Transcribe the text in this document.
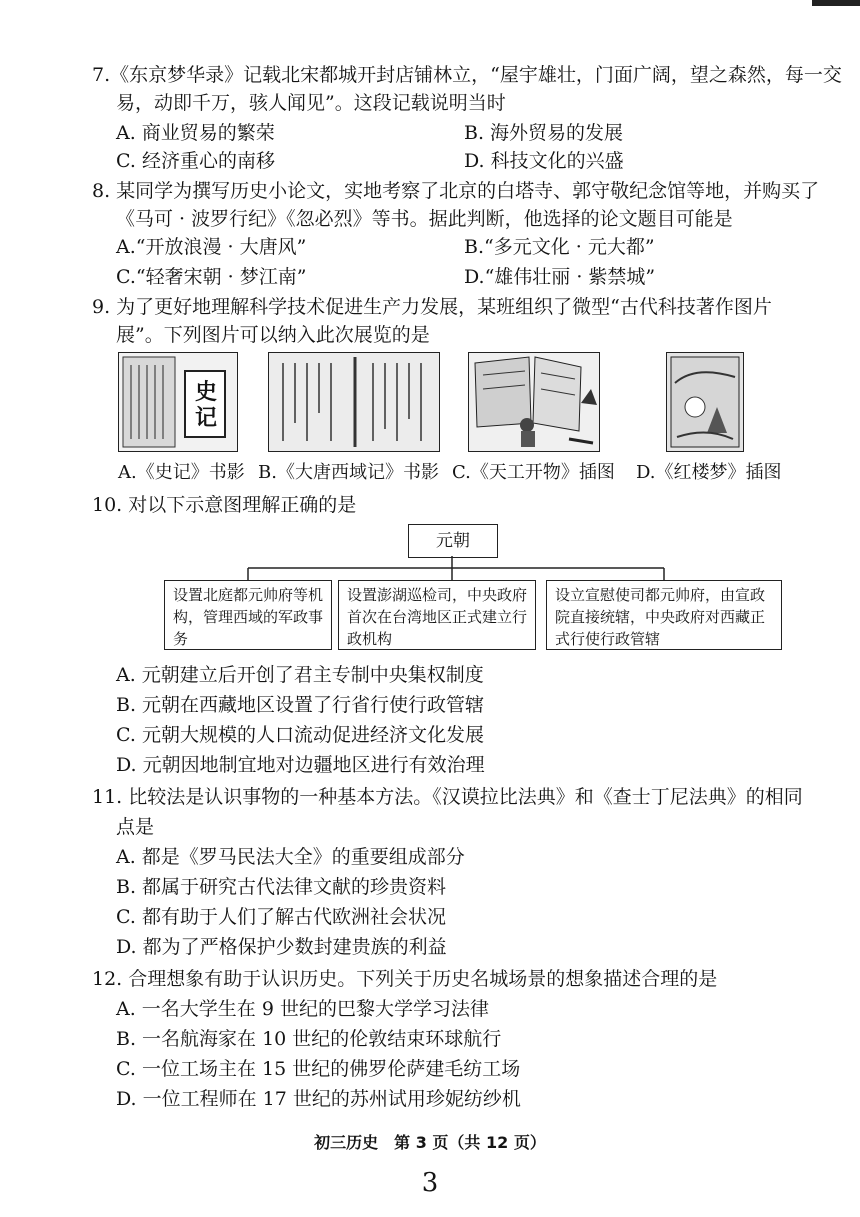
7.《东京梦华录》记载北宋都城开封店铺林立，“屋宇雄壮，门面广阔，望之森然，每一交
易，动即千万，骇人闻见”。这段记载说明当时
A. 商业贸易的繁荣	B. 海外贸易的发展
C. 经济重心的南移	D. 科技文化的兴盛
8. 某同学为撰写历史小论文，实地考察了北京的白塔寺、郭守敬纪念馆等地，并购买了
《马可 · 波罗行纪》《忽必烈》等书。据此判断，他选择的论文题目可能是
A.“开放浪漫 · 大唐风”	B.“多元文化 · 元大都”
C.“轻奢宋朝 · 梦江南”	D.“雄伟壮丽 · 紫禁城”
9. 为了更好地理解科学技术促进生产力发展，某班组织了微型“古代科技著作图片
展”。下列图片可以纳入此次展览的是
史记
A.《史记》书影 B.《大唐西域记》书影 C.《天工开物》插图 D.《红楼梦》插图
10. 对以下示意图理解正确的是
元朝
设置北庭都元帅府等机构，管理西域的军政事务
设置澎湖巡检司，中央政府首次在台湾地区正式建立行政机构
设立宣慰使司都元帅府，由宣政院直接统辖，中央政府对西藏正式行使行政管辖
A. 元朝建立后开创了君主专制中央集权制度
B. 元朝在西藏地区设置了行省行使行政管辖
C. 元朝大规模的人口流动促进经济文化发展
D. 元朝因地制宜地对边疆地区进行有效治理
11. 比较法是认识事物的一种基本方法。《汉谟拉比法典》和《查士丁尼法典》的相同
点是
A. 都是《罗马民法大全》的重要组成部分
B. 都属于研究古代法律文献的珍贵资料
C. 都有助于人们了解古代欧洲社会状况
D. 都为了严格保护少数封建贵族的利益
12. 合理想象有助于认识历史。下列关于历史名城场景的想象描述合理的是
A. 一名大学生在 9 世纪的巴黎大学学习法律
B. 一名航海家在 10 世纪的伦敦结束环球航行
C. 一位工场主在 15 世纪的佛罗伦萨建毛纺工场
D. 一位工程师在 17 世纪的苏州试用珍妮纺纱机
初三历史　第 3 页（共 12 页）
3
